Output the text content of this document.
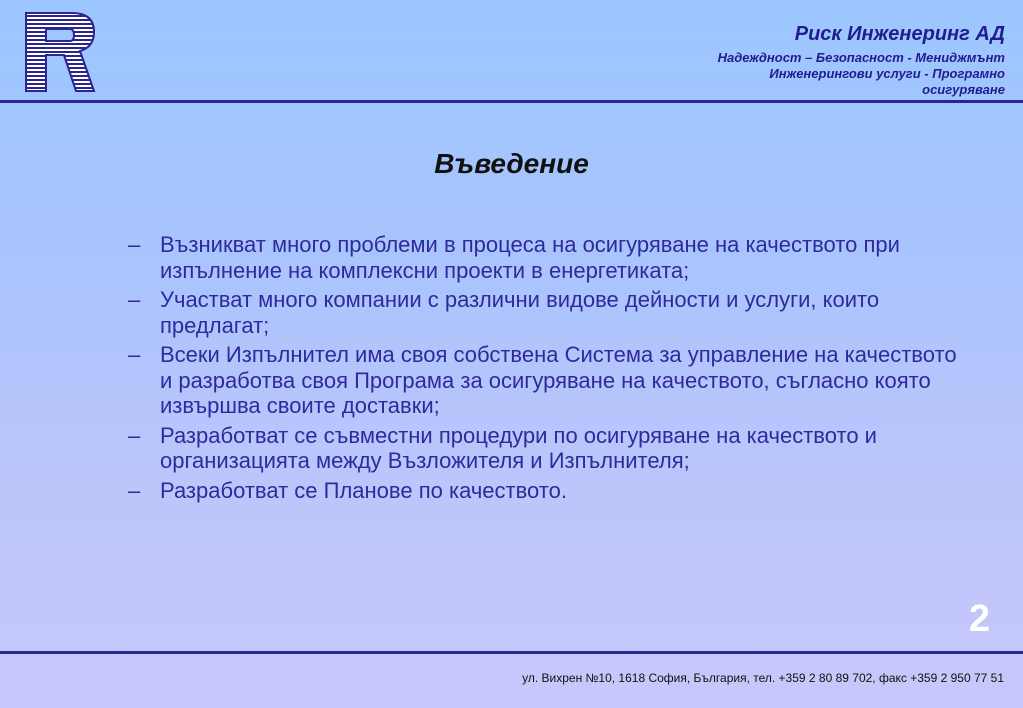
Риск Инженеринг АД
Надеждност – Безопасност - Мениджмънт
Инженерингови услуги - Програмно
осигуряване
Въведение
– Възникват много проблеми в процеса на осигуряване на качеството при изпълнение на комплексни проекти в енергетиката;
– Участват много компании с различни видове дейности и услуги, които предлагат;
– Всеки Изпълнител има своя собствена Система за управление на качеството и разработва своя Програма за осигуряване на качеството, съгласно която извършва своите доставки;
– Разработват се съвместни процедури по осигуряване на качеството и организацията между Възложителя и Изпълнителя;
– Разработват се Планове по качеството.
2
ул. Вихрен №10, 1618 София, България, тел. +359 2 80 89 702, факс +359 2 950 77 51
